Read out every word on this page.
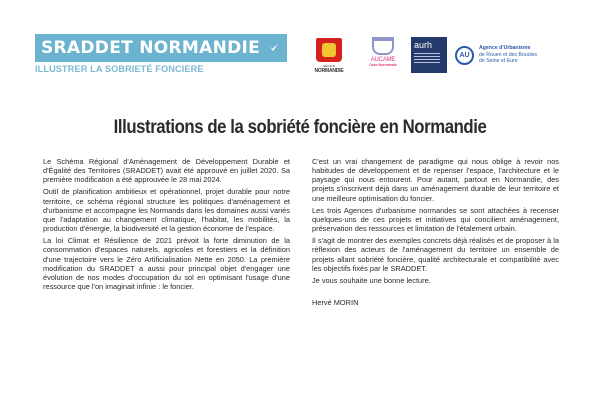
SRADDET NORMANDIE
ILLUSTRER LA SOBRIETÉ FONCIERE	RÉGION
NORMANDIE
AUCAME
Caen Normandie
aurh
AU
Agence d'Urbanisme
de Rouen et des Boucles
de Seine et Eure
Illustrations de la sobriété foncière en Normandie

Le Schéma Régional d'Aménagement de Développement Durable et d'Égalité des Territoires (SRADDET) avait été approuvé en juillet 2020. Sa première modification a été approuvée le 28 mai 2024.

Outil de planification ambitieux et opérationnel, projet durable pour notre territoire, ce schéma régional structure les politiques d'aménagement et d'urbanisme et accompagne les Normands dans les domaines aussi variés que l'adaptation au changement climatique, l'habitat, les mobilités, la production d'énergie, la biodiversité et la gestion économe de l'espace.

La loi Climat et Résilience de 2021 prévoit la forte diminution de la consommation d'espaces naturels, agricoles et forestiers et la définition d'une trajectoire vers le Zéro Artificialisation Nette en 2050. La première modification du SRADDET a aussi pour principal objet d'engager une évolution de nos modes d'occupation du sol en optimisant l'usage d'une ressource que l'on imaginait infinie : le foncier.

C'est un vrai changement de paradigme qui nous oblige à revoir nos habitudes de développement et de repenser l'espace, l'architecture et le paysage qui nous entourent. Pour autant, partout en Normandie, des projets s'inscrivent déjà dans un aménagement durable de leur territoire et une meilleure optimisation du foncier.

Les trois Agences d'urbanisme normandes se sont attachées à recenser quelques-uns de ces projets et initiatives qui concilient aménagement, préservation des ressources et limitation de l'étalement urbain.

Il s'agit de montrer des exemples concrets déjà réalisés et de proposer à la réflexion des acteurs de l'aménagement du territoire un ensemble de projets allant sobriété foncière, qualité architecturale et compatibilité avec les objectifs fixés par le SRADDET.

Je vous souhaite une bonne lecture.

Hervé MORIN
